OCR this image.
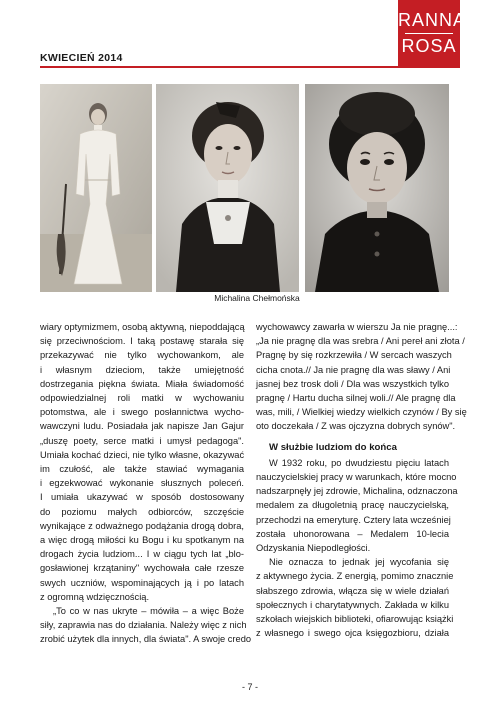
KWIECIEŃ 2014
RANNA
ROSA
Michalina Chełmońska

wiary optymizmem, osobą aktywną, niepoddającą
się przeciwnościom. I taką postawę starała się
przekazywać nie tylko wychowankom, ale
i własnym dzieciom, także umiejętność
dostrzegania piękna świata. Miała świadomość
odpowiedzialnej roli matki w wychowaniu
potomstwa, ale i swego posłannictwa wycho-
wawczyni ludu. Posiadała jak napisze Jan Gajur
„duszę poety, serce matki i umysł pedagoga".
Umiała kochać dzieci, nie tylko własne, okazywać
im czułość, ale także stawiać wymagania
i egzekwować wykonanie słusznych poleceń.
I umiała ukazywać w sposób dostosowany
do poziomu małych odbiorców, szczęście
wynikające z odważnego podążania drogą dobra,
a więc drogą miłości ku Bogu i ku spotkanym na
drogach życia ludziom... I w ciągu tych lat „blo-
gosławionej krzątaniny" wychowała całe rzesze
swych uczniów, wspominających ją i po latach
z ogromną wdzięcznością.

„To co w nas ukryte – mówiła – a więc Boże
siły, zaprawia nas do działania. Należy więc z nich
zrobić użytek dla innych, dla świata". A swoje credo

wychowawcy zawarła w wierszu Ja nie pragnę...:
„Ja nie pragnę dla was srebra / Ani pereł ani złota /
Pragnę by się rozkrzewiła / W sercach waszych
cicha cnota.// Ja nie pragnę dla was sławy / Ani
jasnej bez trosk doli / Dla was wszystkich tylko
pragnę / Hartu ducha silnej woli.// Ale pragnę dla
was, mili, / Wielkiej wiedzy wielkich czynów / By się
oto doczekała / Z was ojczyzna dobrych synów".

W służbie ludziom do końca

W 1932 roku, po dwudziestu pięciu latach
nauczycielskiej pracy w warunkach, które mocno
nadszarpnęły jej zdrowie, Michalina, odznaczona
medalem za długoletnią pracę nauczycielską,
przechodzi na emeryturę. Cztery lata wcześniej
została uhonorowana – Medalem 10-lecia
Odzyskania Niepodległości.

Nie oznacza to jednak jej wycofania się
z aktywnego życia. Z energią, pomimo znacznie
słabszego zdrowia, włącza się w wiele działań
społecznych i charytatywnych. Zakłada w kilku
szkołach wiejskich biblioteki, ofiarowując książki
z własnego i swego ojca księgozbioru, działa

- 7 -
